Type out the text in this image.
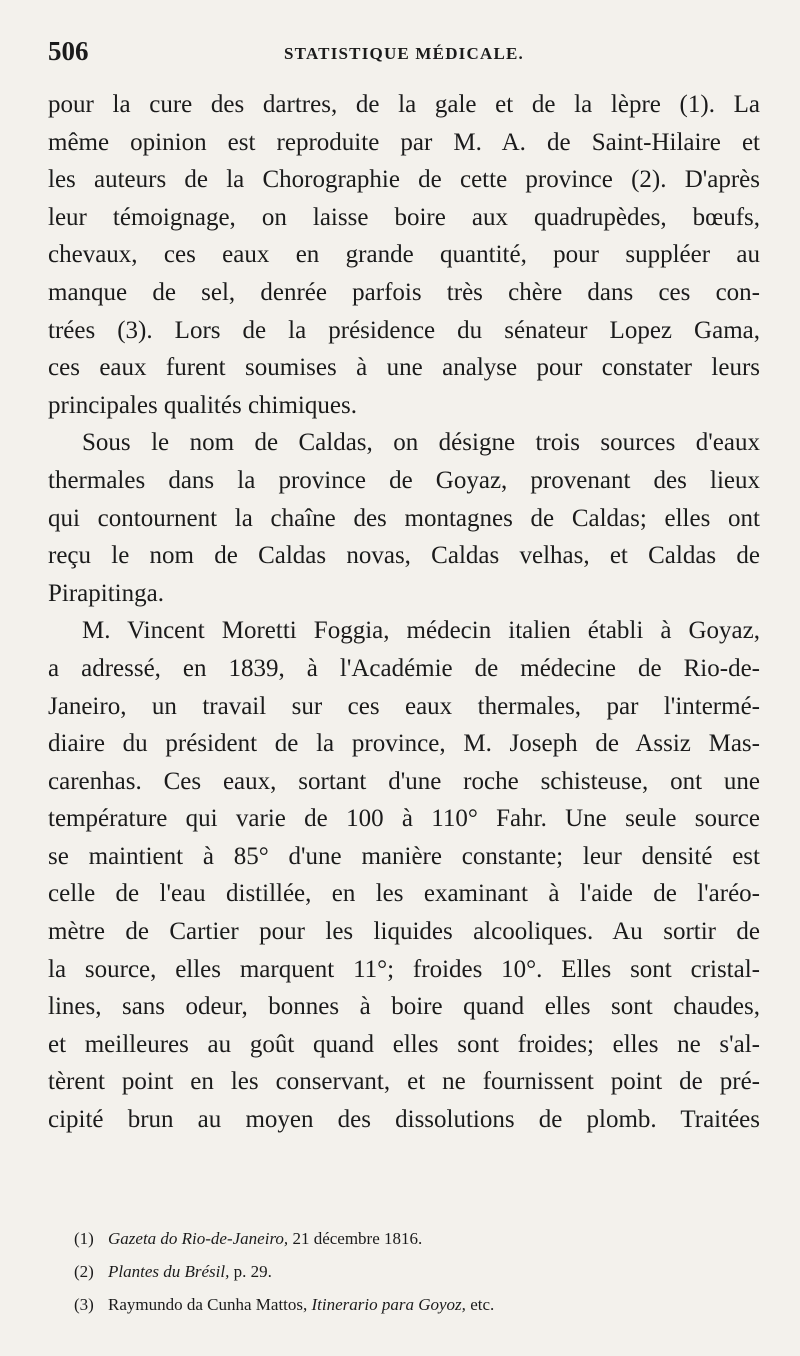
506	STATISTIQUE MÉDICALE.
pour la cure des dartres, de la gale et de la lèpre (1). La
même opinion est reproduite par M. A. de Saint-Hilaire et
les auteurs de la Chorographie de cette province (2). D'après
leur témoignage, on laisse boire aux quadrupèdes, bœufs,
chevaux, ces eaux en grande quantité, pour suppléer au
manque de sel, denrée parfois très chère dans ces con-
trées (3). Lors de la présidence du sénateur Lopez Gama,
ces eaux furent soumises à une analyse pour constater leurs
principales qualités chimiques.
Sous le nom de Caldas, on désigne trois sources d'eaux
thermales dans la province de Goyaz, provenant des lieux
qui contournent la chaîne des montagnes de Caldas; elles ont
reçu le nom de Caldas novas, Caldas velhas, et Caldas de
Pirapitinga.
M. Vincent Moretti Foggia, médecin italien établi à Goyaz,
a adressé, en 1839, à l'Académie de médecine de Rio-de-
Janeiro, un travail sur ces eaux thermales, par l'intermé-
diaire du président de la province, M. Joseph de Assiz Mas-
carenhas. Ces eaux, sortant d'une roche schisteuse, ont une
température qui varie de 100 à 110° Fahr. Une seule source
se maintient à 85° d'une manière constante; leur densité est
celle de l'eau distillée, en les examinant à l'aide de l'aréo-
mètre de Cartier pour les liquides alcooliques. Au sortir de
la source, elles marquent 11°; froides 10°. Elles sont cristal-
lines, sans odeur, bonnes à boire quand elles sont chaudes,
et meilleures au goût quand elles sont froides; elles ne s'al-
tèrent point en les conservant, et ne fournissent point de pré-
cipité brun au moyen des dissolutions de plomb. Traitées
(1) Gazeta do Rio-de-Janeiro, 21 décembre 1816.
(2) Plantes du Brésil, p. 29.
(3) Raymundo da Cunha Mattos, Itinerario para Goyoz, etc.
